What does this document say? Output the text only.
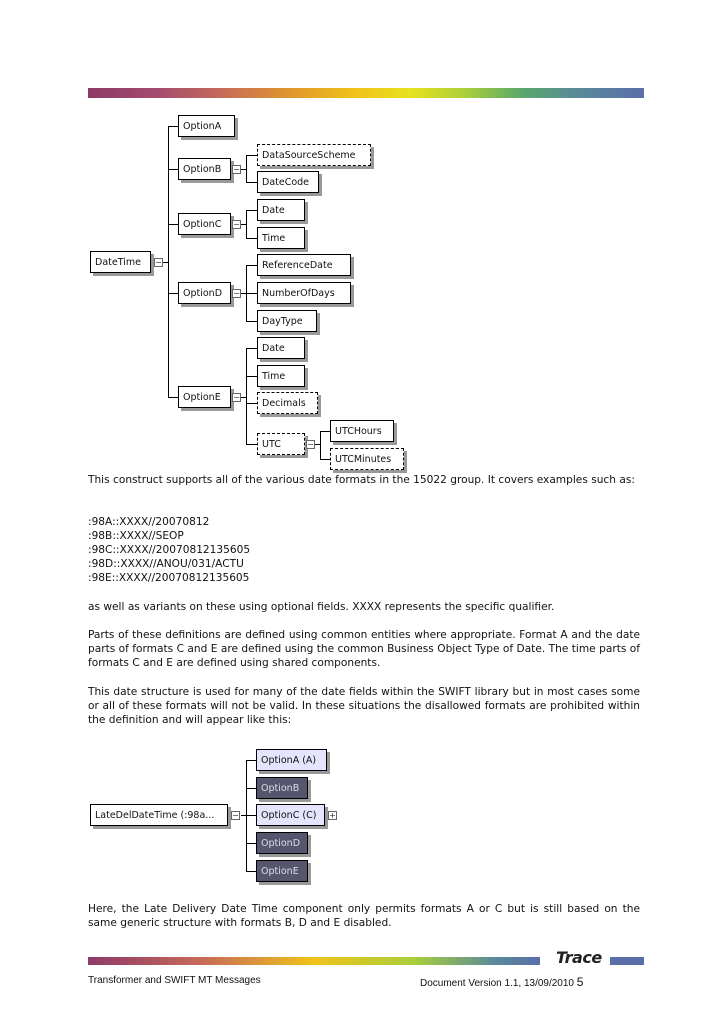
DateTime	−
OptionA
OptionB	−
OptionC	−
OptionD	−
OptionE	−
DataSourceScheme
DateCode
Date
Time
ReferenceDate
NumberOfDays
DayType
Date
Time
Decimals
UTC	−
UTCHours
UTCMinutes

This construct supports all of the various date formats in the 15022 group. It covers examples such as:

:98A::XXXX//20070812
:98B::XXXX//SEOP
:98C::XXXX//20070812135605
:98D::XXXX//ANOU/031/ACTU
:98E::XXXX//20070812135605

as well as variants on these using optional fields. XXXX represents the specific qualifier.

Parts of these definitions are defined using common entities where appropriate. Format A and the date parts of formats C and E are defined using the common Business Object Type of Date. The time parts of formats C and E are defined using shared components.

This date structure is used for many of the date fields within the SWIFT library but in most cases some or all of these formats will not be valid. In these situations the disallowed formats are prohibited within the definition and will appear like this:

LateDelDateTime (:98a...	−
OptionA (A)
OptionB
OptionC (C)	+
OptionD
OptionE

Here, the Late Delivery Date Time component only permits formats A or C but is still based on the same generic structure with formats B, D and E disabled.

Trace
Transformer and SWIFT MT Messages	Document Version 1.1, 13/09/2010 5
